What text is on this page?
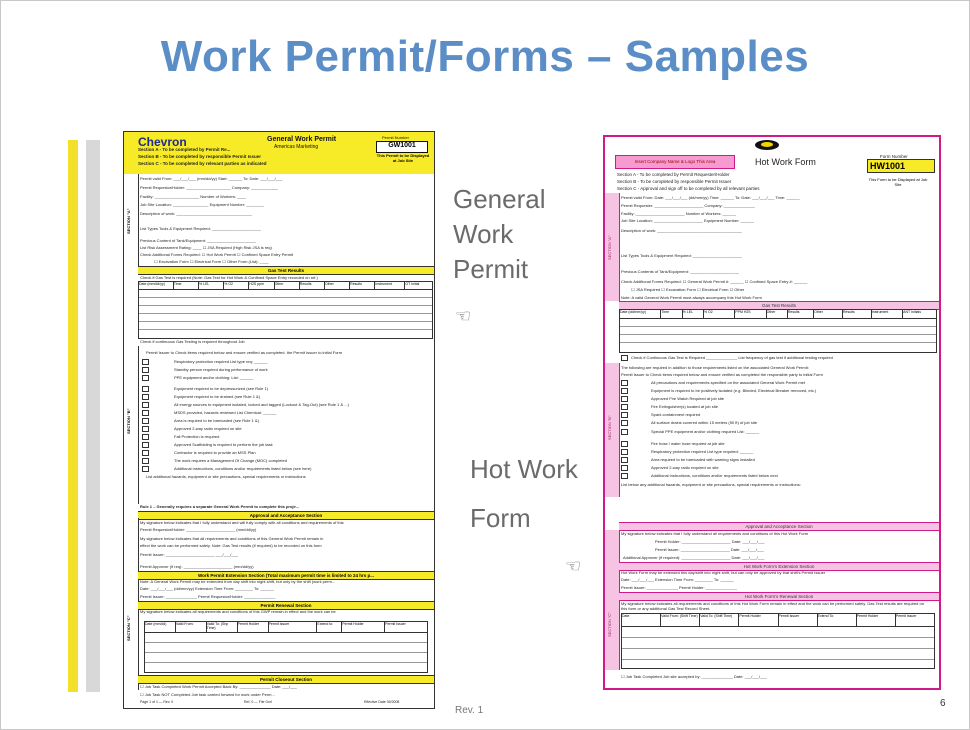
Work Permit/Forms – Samples
Chevron	General Work Permit
Americas Marketing
Permit Number
GW1001
This Permit to be Displayed at Job Site
Section A - To be completed by Permit Re...
Section B - To be completed by responsible Permit Issuer
Section C - To be completed by relevant parties as indicated
SECTION "A"
Permit valid From: ___/___/___ (mm/dd/yy) Start: ______ To: Date: ___/___/___
Permit Requestor/Holder: ____________________ Company: ____________
Facility: ____________________ Number of Workers: ____
Job Site Location: ________________ Equipment Number: ________
Description of work: __________________________________
List Types Tools & Equipment Required: ______________________
Previous Content of Tank/Equipment: ______________________
List Risk Assessment Rating: ____ ☐ JSA Required (High Risk JSA is req)
Check Additional Forms Required: ☐ Hot Work Permit ☐ Confined Space Entry Permit
☐ Excavation Form ☐ Electrical Form ☐ Other Form (List): ____
Gas Test Results
Check if Gas Test is required (Note: Gas Test for Hot Work & Confined Space Entry recorded on ref.)
Date (mm/dd/yy)	Time	% LEL	% O2	H2S ppm	Other	Results	Other	Results	Instrument	GT Initial
Check if continuous Gas Testing is required throughout Job
SECTION "B"
Permit Issuer to Check items required below and ensure verified as completed. the Permit Issuer to initial Form
Respiratory protection required List type req: ______
Standby person required during performance of work
PPE equipment and/or clothing: List: ______
Equipment required to be depressurized (see Rule 1)
Equipment required to be drained (see Rule 1 &)
All energy sources to equipment isolated, locked and tagged (Lockout & Tag-Out) (see Rule 1 & ...)
MSDS provided, hazards reviewed List Chemical: ______
Area is required to be barricaded (see Rule 1 &)
Approved 2-way radio required on site
Fall Protection is required
Approved Scaffolding is required to perform the job task
Contractor is required to provide an MSS Plan
The work requires a Management Of Change (MOC) completed
Additional instructions, conditions and/or requirements listed below (see here)
List additional hazards, equipment or site precautions, special requirements or instructions
Rule 1 – Generally requires a separate General Work Permit to complete this proje...
Approval and Acceptance Section
SECTION "C"
My signature below indicates that I fully understand and will fully comply with all conditions and requirements of this
Permit Requestor/Holder: ______________________ (mm/dd/yy)
My signature below indicates that all requirements and conditions of this General Work Permit remain in
effect the work can be performed safely. Note: Gas Test results (if required) to be recorded on this form
Permit Issuer: ______________________ ___/___/___
Permit Approver (if req): ______________________ (mm/dd/yy)
Work Permit Extension Section (Total maximum permit time is limited to 24 hrs p...
Note: A General Work Permit may be extended from day shift into night shift, but only by the shift (work perm...
Date: ___/___/___ (dd/mm/yy) Extension Time From: ________ To: ______
Permit Issuer: ______________ Permit Requestor/Holder: ______________
Permit Renewal Section
My signature below indicates all requirements and conditions of this GWP remain in effect and the work can be
Date (mm/dd)	Valid From:	Valid To: (Shp Time)
Permit Holder	Permit Issuer	Extend to:	Permit Holder	Permit Issuer
Permit Closeout Section
☐ Job Task Completed Work Permit Accepted Back By: ______________ Date: ___/___
☐ Job Task NOT Completed Job task carried forward for work under Perm...
Page 1 of 1 — Rev. 0	Ref. 0 — File Gnrl	Effective Date 09/2008
General
Work
Permit
☜
Hot Work
Form
☜
Insert Company Name & Logo This Area	Hot Work Form
Form Number
HW1001
Section A - To be completed by Permit Requester/Holder
Section B - To be completed by responsible Permit Issuer
Section C - Approval and sign off to be completed by all relevant parties
This Form to be Displayed at Job Site
SECTION "A"
Permit valid From: Date: ___/___/___ (dd/mm/yy) Time: ______ To: Date: ___/___/___ Time: ______
Permit Requester: ______________________ Company: ______________
Facility: ______________________ Number of Workers: ______
Job Site Location: ______________________ Equipment Number: ______
Description of work: ______________________________________
List Types Tools & Equipment Required: ______________________
Previous Contents of Tank/Equipment: ______________________
Check Additional Forms Required: ☐ General Work Permit #: ______ ☐ Confined Space Entry #: ______
☐ JSA Required ☐ Excavation Form ☐ Electrical Form ☐ Other
Note: A valid General Work Permit must always accompany this Hot Work Form
Gas Test Results
Date (dd/mm/yy)	Time	% LEL	% O2	PPM H2S	Other	Results	Other	Results	Instrument	ANT Initials
Check if Continuous Gas Test is Required ______________ List frequency of gas test if additional testing required
SECTION "B"
The following are required in addition to those requirements listed on the associated General Work Permit:
Permit Issuer to Check items required below and ensure verified as completed the responsible party to initial Form
All precautions and requirements specified on the associated General Work Permit met
Equipment is required to be positively isolated (e.g. Blinded, Electrical Breaker removed, etc.)
Approved Fire Watch Required at job site
Fire Extinguisher(s) located at job site
Spark containment required
All surface drains covered within 15 meters (50 ft) of job site
Special PPE equipment and/or clothing required List: ______
Fire hose / water hose required at job site
Respiratory protection required List type required: ______
Area required to be barricaded with warning signs installed
Approved 2-way radio required on site
Additional instructions, conditions and/or requirements listed below next
List below any additional hazards, equipment or site precautions, special requirements or instructions:
Approval and Acceptance Section
SECTION "C"
My signature below indicates that I fully understand all requirements and conditions of this Hot Work Form
Permit Holder: ______________________ Date: ___/___/___
Permit Issuer: ______________________ Date: ___/___/___
Additional Approver (if required): ______________________ Date: ___/___/___
Hot Work Form's Extension Section
Hot Work Form may be extended this day/shift into night shift, but can only be approved by that shift's Permit Issuer
Date: ___/___/___ Extension Time From: ________ To: ______
Permit Issuer: ______________ Permit Holder: ______________
Hot Work Form's Renewal Section
My signature below indicates all requirements and conditions of this Hot Work Form remain in effect and the work can be performed safely. Gas Test results are required on this form or any additional Gas Test Record Sheet.
Date	Valid From: (Shift Time) Valid To: (Shift Time)	Permit Holder	Permit Issuer	Extend To:	Permit Holder	Permit Issuer
☐ Job Task Completed Job site accepted by: ______________ Date: ___/___/___
Rev. 1
6
